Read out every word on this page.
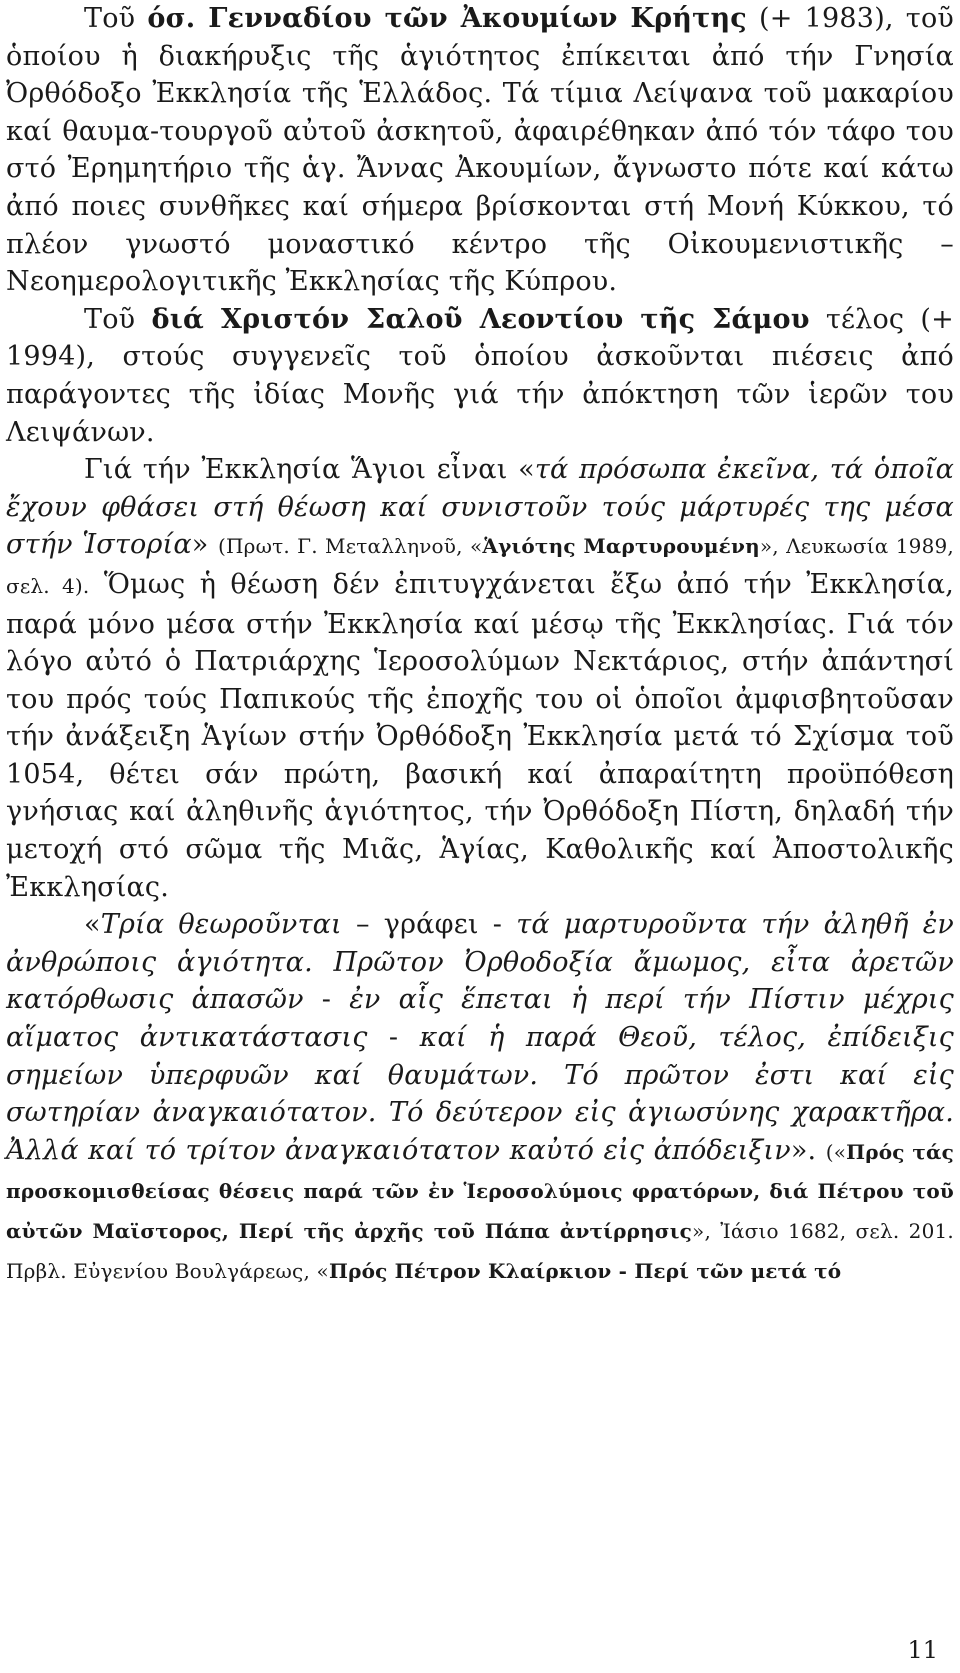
Τοῦ όσ. Γενναδίου τῶν Ἀκουμίων Κρήτης (+ 1983), τοῦ ὁποίου ἡ διακήρυξις τῆς ἁγιότητος ἐπίκειται ἀπό τήν Γνησία Ὀρθόδοξο Ἐκκλησία τῆς Ἑλλάδος. Τά τίμια Λείψανα τοῦ μακαρίου καί θαυμα-τουργοῦ αὐτοῦ ἀσκητοῦ, ἀφαιρέθηκαν ἀπό τόν τάφο του στό Ἐρημητήριο τῆς ἁγ. Ἄννας Ἀκουμίων, ἄγνωστο πότε καί κάτω ἀπό ποιες συνθῆκες καί σήμερα βρίσκονται στή Μονή Κύκκου, τό πλέον γνωστό μοναστικό κέντρο τῆς Οἰκουμενιστικῆς – Νεοημερολογιτικῆς Ἐκκλησίας τῆς Κύπρου.

Τοῦ διά Χριστόν Σαλοῦ Λεοντίου τῆς Σάμου τέλος (+ 1994), στούς συγγενεῖς τοῦ ὁποίου ἀσκοῦνται πιέσεις ἀπό παράγοντες τῆς ἰδίας Μονῆς γιά τήν ἀπόκτηση τῶν ἱερῶν του Λειψάνων.

Γιά τήν Ἐκκλησία Ἅγιοι εἶναι «τά πρόσωπα ἐκεῖνα, τά ὁποῖα ἔχουν φθάσει στή θέωση καί συνιστοῦν τούς μάρτυρές της μέσα στήν Ἱστορία» (Πρωτ. Γ. Μεταλληνοῦ, «Ἁγιότης Μαρτυρουμένη», Λευκωσία 1989, σελ. 4). Ὅμως ἡ θέωση δέν ἐπιτυγχάνεται ἔξω ἀπό τήν Ἐκκλησία, παρά μόνο μέσα στήν Ἐκκλησία καί μέσῳ τῆς Ἐκκλησίας. Γιά τόν λόγο αὐτό ὁ Πατριάρχης Ἱεροσολύμων Νεκτάριος, στήν ἀπάντησί του πρός τούς Παπικούς τῆς ἐποχῆς του οἱ ὁποῖοι ἀμφισβητοῦσαν τήν ἀνάξειξη Ἁγίων στήν Ὀρθόδοξη Ἐκκλησία μετά τό Σχίσμα τοῦ 1054, θέτει σάν πρώτη, βασική καί ἀπαραίτητη προϋπόθεση γνήσιας καί ἀληθινῆς ἁγιότητος, τήν Ὀρθόδοξη Πίστη, δηλαδή τήν μετοχή στό σῶμα τῆς Μιᾶς, Ἁγίας, Καθολικῆς καί Ἀποστολικῆς Ἐκκλησίας.

«Τρία θεωροῦνται – γράφει - τά μαρτυροῦντα τήν ἀληθῆ ἐν ἀνθρώποις ἁγιότητα. Πρῶτον Ὀρθοδοξία ἄμωμος, εἶτα ἀρετῶν κατόρθωσις ἁπασῶν - ἐν αἷς ἕπεται ἡ περί τήν Πίστιν μέχρις αἵματος ἀντικατάστασις - καί ἡ παρά Θεοῦ, τέλος, ἐπίδειξις σημείων ὑπερφυῶν καί θαυμάτων. Τό πρῶτον ἐστι καί εἰς σωτηρίαν ἀναγκαιότατον. Τό δεύτερον εἰς ἁγιωσύνης χαρακτῆρα. Ἀλλά καί τό τρίτον ἀναγκαιότατον καὐτό εἰς ἀπόδειξιν». («Πρός τάς προσκομισθείσας θέσεις παρά τῶν ἐν Ἱεροσολύμοις φρατόρων, διά Πέτρου τοῦ αὐτῶν Μαϊστορος, Περί τῆς ἀρχῆς τοῦ Πάπα ἀντίρρησις», Ἰάσιο 1682, σελ. 201. Πρβλ. Εὐγενίου Βουλγάρεως, «Πρός Πέτρον Κλαίρκιον - Περί τῶν μετά τό

11
